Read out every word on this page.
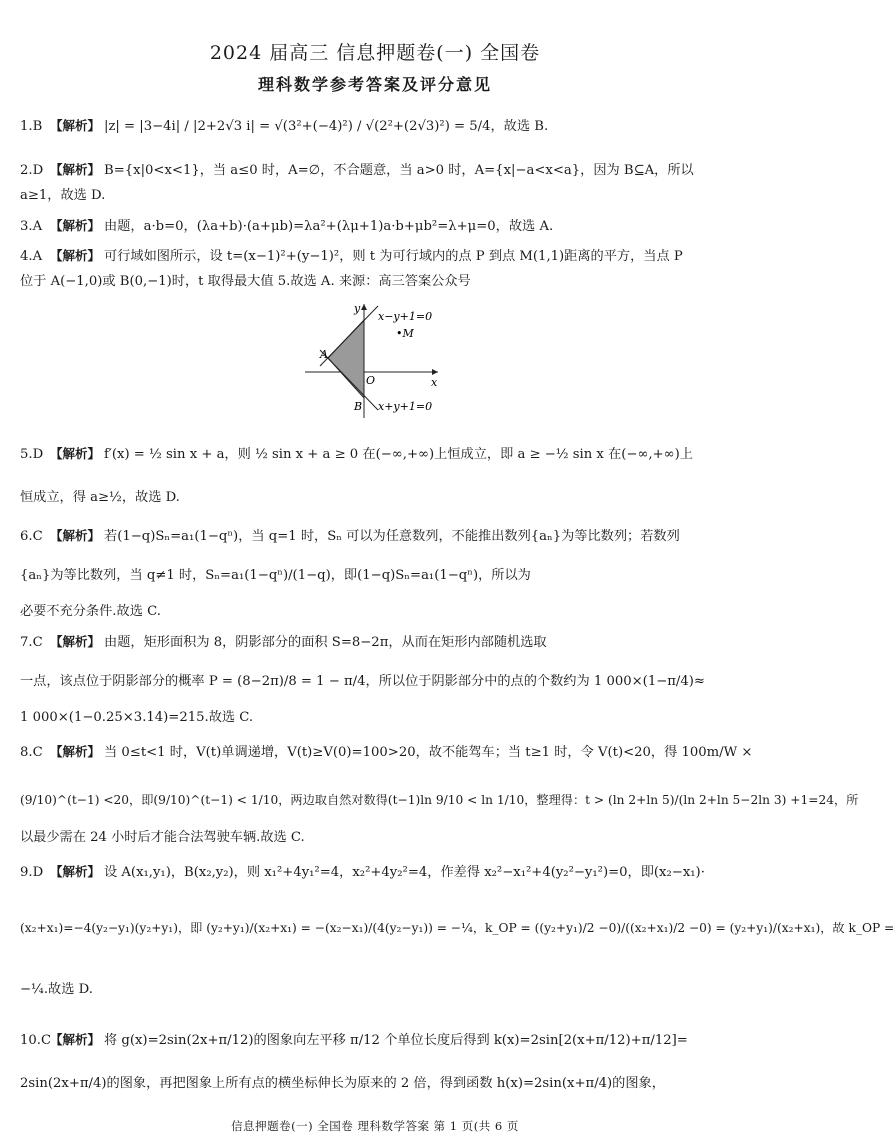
2024 届高三 信息押题卷(一) 全国卷
理科数学参考答案及评分意见
1.B 【解析】 |z| = |3−4i| / |2+2√3 i| = √(3²+(−4)²) / √(2²+(2√3)²) = 5/4，故选 B.
2.D 【解析】 B={x|0<x<1}，当 a≤0 时，A=∅，不合题意，当 a>0 时，A={x|−a<x<a}，因为 B⊆A，所以
a≥1，故选 D.
3.A 【解析】 由题，a·b=0，(λa+b)·(a+μb)=λa²+(λμ+1)a·b+μb²=λ+μ=0，故选 A.
4.A 【解析】 可行域如图所示，设 t=(x−1)²+(y−1)²，则 t 为可行域内的点 P 到点 M(1,1)距离的平方，当点 P
位于 A(−1,0)或 B(0,−1)时，t 取得最大值 5.故选 A. 来源：高三答案公众号
x−y+1=0
x+y+1=0
•M
A
B
O	x
y
5.D 【解析】 f′(x) = ½ sin x + a，则 ½ sin x + a ≥ 0 在(−∞,+∞)上恒成立，即 a ≥ −½ sin x 在(−∞,+∞)上
恒成立，得 a≥½，故选 D.
6.C 【解析】 若(1−q)Sₙ=a₁(1−qⁿ)，当 q=1 时，Sₙ 可以为任意数列，不能推出数列{aₙ}为等比数列；若数列
{aₙ}为等比数列，当 q≠1 时，Sₙ=a₁(1−qⁿ)/(1−q)，即(1−q)Sₙ=a₁(1−qⁿ)，所以为
必要不充分条件.故选 C.
7.C 【解析】 由题，矩形面积为 8，阴影部分的面积 S=8−2π，从而在矩形内部随机选取
一点，该点位于阴影部分的概率 P = (8−2π)/8 = 1 − π/4，所以位于阴影部分中的点的个数约为 1 000×(1−π/4)≈
1 000×(1−0.25×3.14)=215.故选 C.
8.C 【解析】 当 0≤t<1 时，V(t)单调递增，V(t)≥V(0)=100>20，故不能驾车；当 t≥1 时，令 V(t)<20，得 100m/W ×
(9/10)^(t−1) <20，即(9/10)^(t−1) < 1/10，两边取自然对数得(t−1)ln 9/10 < ln 1/10，整理得：t > (ln 2+ln 5)/(ln 2+ln 5−2ln 3) +1=24，所
以最少需在 24 小时后才能合法驾驶车辆.故选 C.
9.D 【解析】 设 A(x₁,y₁)，B(x₂,y₂)，则 x₁²+4y₁²=4，x₂²+4y₂²=4，作差得 x₂²−x₁²+4(y₂²−y₁²)=0，即(x₂−x₁)·
(x₂+x₁)=−4(y₂−y₁)(y₂+y₁)，即 (y₂+y₁)/(x₂+x₁) = −(x₂−x₁)/(4(y₂−y₁)) = −¼，k_OP = ((y₂+y₁)/2 −0)/((x₂+x₁)/2 −0) = (y₂+y₁)/(x₂+x₁)，故 k_OP =
−¼.故选 D.
10.C【解析】 将 g(x)=2sin(2x+π/12)的图象向左平移 π/12 个单位长度后得到 k(x)=2sin[2(x+π/12)+π/12]=
2sin(2x+π/4)的图象，再把图象上所有点的横坐标伸长为原来的 2 倍，得到函数 h(x)=2sin(x+π/4)的图象，
信息押题卷(一) 全国卷 理科数学答案 第 1 页(共 6 页
